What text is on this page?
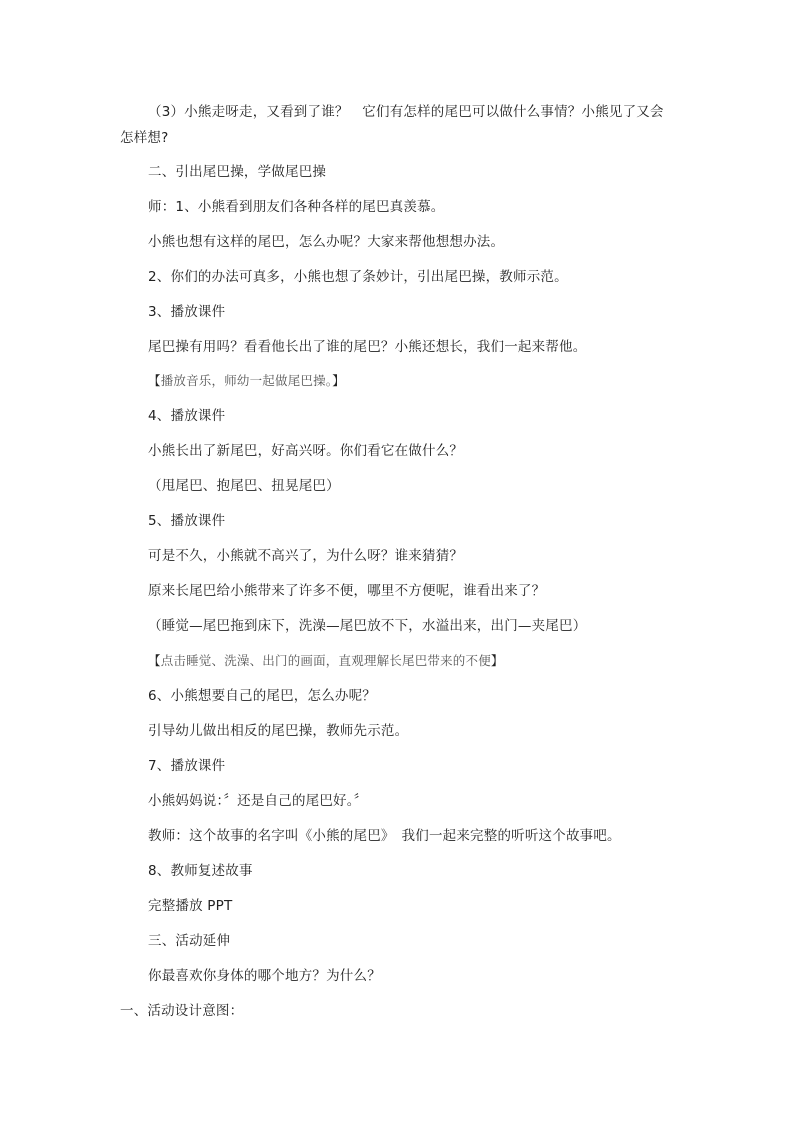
（3）小熊走呀走，又看到了谁？　它们有怎样的尾巴可以做什么事情？小熊见了又会
怎样想?
二、引出尾巴操，学做尾巴操
师：1、小熊看到朋友们各种各样的尾巴真羡慕。
小熊也想有这样的尾巴，怎么办呢？大家来帮他想想办法。
2、你们的办法可真多，小熊也想了条妙计，引出尾巴操，教师示范。
3、播放课件
尾巴操有用吗？看看他长出了谁的尾巴？小熊还想长，我们一起来帮他。
【播放音乐，师幼一起做尾巴操。】
4、播放课件
小熊长出了新尾巴，好高兴呀。你们看它在做什么？
（甩尾巴、抱尾巴、扭晃尾巴）
5、播放课件
可是不久，小熊就不高兴了，为什么呀？谁来猜猜？
原来长尾巴给小熊带来了许多不便，哪里不方便呢，谁看出来了？
（睡觉—尾巴拖到床下，洗澡—尾巴放不下，水溢出来，出门—夹尾巴）
【点击睡觉、洗澡、出门的画面，直观理解长尾巴带来的不便】
6、小熊想要自己的尾巴，怎么办呢？
引导幼儿做出相反的尾巴操，教师先示范。
7、播放课件
小熊妈妈说：〞还是自己的尾巴好。〞
教师：这个故事的名字叫《小熊的尾巴》　我们一起来完整的听听这个故事吧。
8、教师复述故事
完整播放 PPT
三、活动延伸
你最喜欢你身体的哪个地方？为什么？
一、活动设计意图：
